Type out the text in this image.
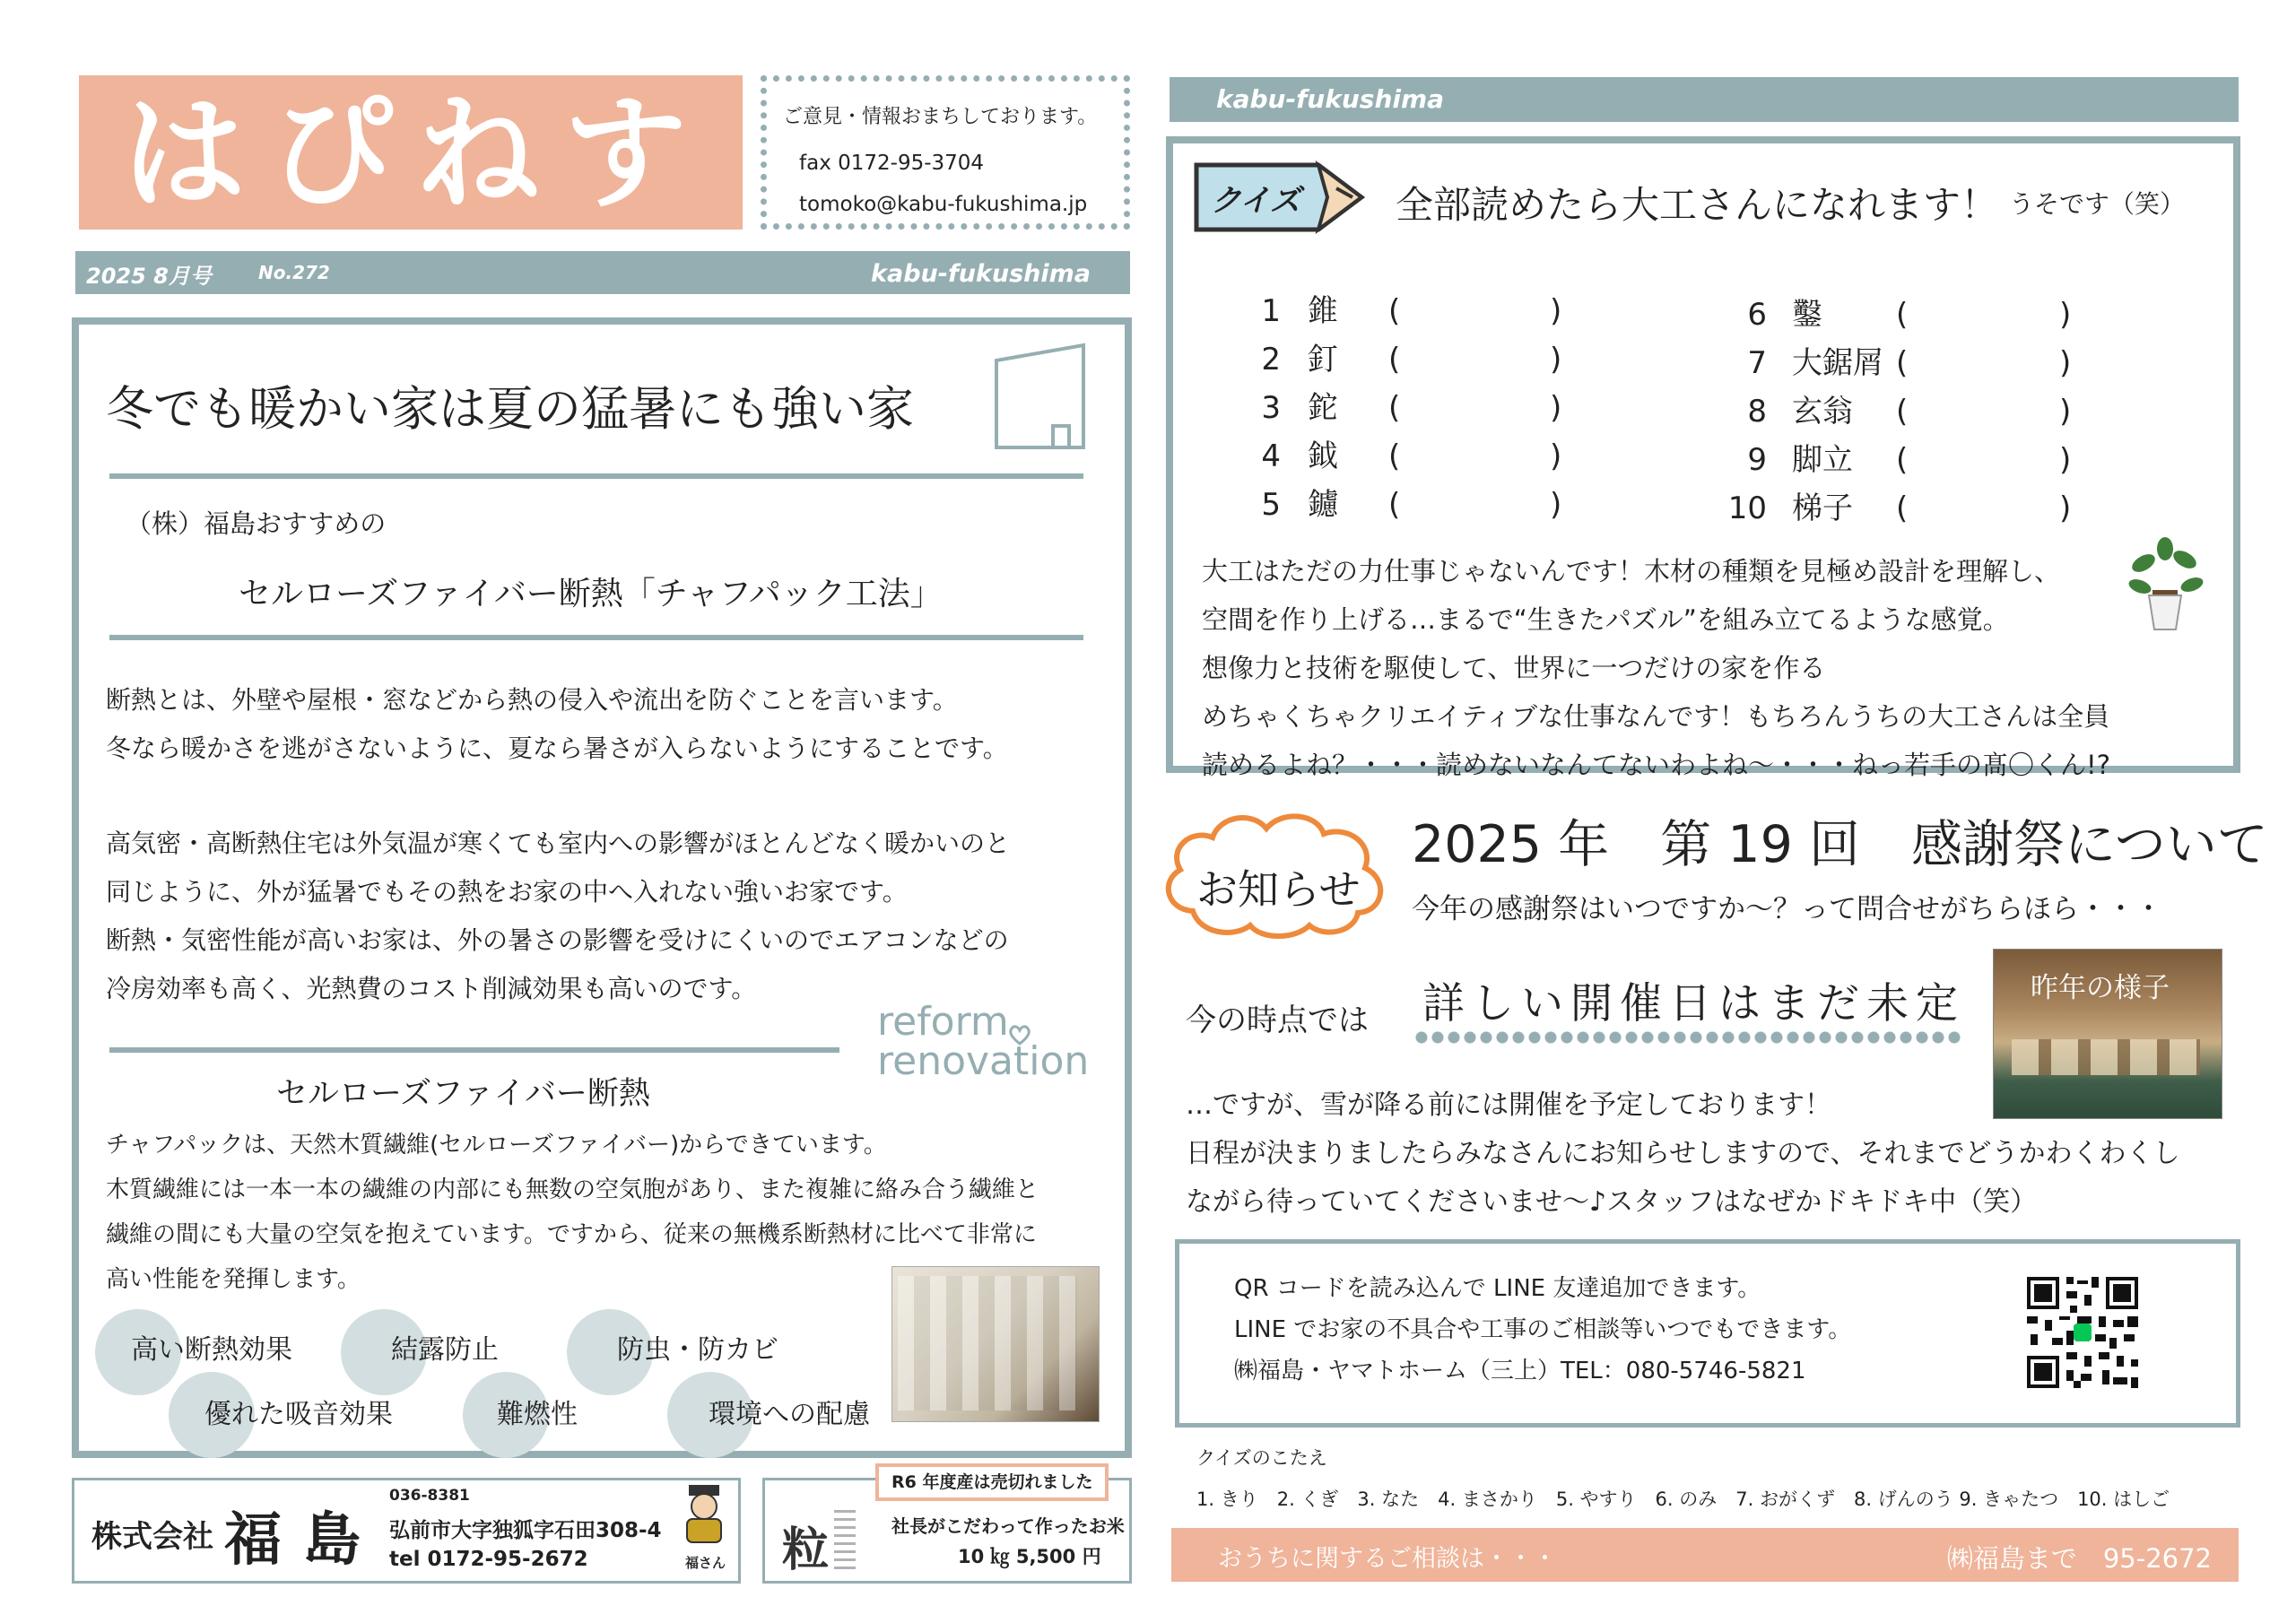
はぴねす	ご意見・情報おまちしております。
fax 0172-95-3704
tomoko@kabu-fukushima.jp
2025 8月号	No.272	kabu-fukushima
冬でも暖かい家は夏の猛暑にも強い家
（株）福島おすすめの
セルローズファイバー断熱「チャフパック工法」
断熱とは、外壁や屋根・窓などから熱の侵入や流出を防ぐことを言います。
冬なら暖かさを逃がさないように、夏なら暑さが入らないようにすることです。
高気密・高断熱住宅は外気温が寒くても室内への影響がほとんどなく暖かいのと
同じように、外が猛暑でもその熱をお家の中へ入れない強いお家です。
断熱・気密性能が高いお家は、外の暑さの影響を受けにくいのでエアコンなどの
冷房効率も高く、光熱費のコスト削減効果も高いのです。
reform
renovation
セルローズファイバー断熱
チャフパックは、天然木質繊維(セルローズファイバー)からできています。
木質繊維には一本一本の繊維の内部にも無数の空気胞があり、また複雑に絡み合う繊維と
繊維の間にも大量の空気を抱えています。ですから、従来の無機系断熱材に比べて非常に
高い性能を発揮します。
高い断熱効果	結露防止	防虫・防カビ
優れた吸音効果	難燃性	環境への配慮
株式会社 福島
036-8381
弘前市大字独狐字石田308-4
tel 0172-95-2672	福さん
R6 年度産は売切れました
粒	社長がこだわって作ったお米
10 ㎏ 5,500 円
kabu-fukushima
クイズ	全部読めたら大工さんになれます！ うそです（笑）
1 錐 (	)
2 釘 (	)
3 鉈 (	)
4 鉞 (	)
5 鑢 (	)
6 鑿 (	)
7 大鋸屑 (	)
8 玄翁 (	)
9 脚立 (	)
10 梯子 (	)
大工はただの力仕事じゃないんです！木材の種類を見極め設計を理解し、
空間を作り上げる…まるで“生きたパズル”を組み立てるような感覚。
想像力と技術を駆使して、世界に一つだけの家を作る
めちゃくちゃクリエイティブな仕事なんです！もちろんうちの大工さんは全員
読めるよね？・・・読めないなんてないわよね～・・・ねっ若手の髙〇くん!?
お知らせ
2025 年　第 19 回　感謝祭について
今年の感謝祭はいつですか～？って問合せがちらほら・・・
今の時点では 詳しい開催日はまだ未定 昨年の様子
…ですが、雪が降る前には開催を予定しております！
日程が決まりましたらみなさんにお知らせしますので、それまでどうかわくわくし
ながら待っていてくださいませ～♪スタッフはなぜかドキドキ中（笑）
QR コードを読み込んで LINE 友達追加できます。
LINE でお家の不具合や工事のご相談等いつでもできます。
㈱福島・ヤマトホーム（三上）TEL：080-5746-5821
クイズのこたえ
1. きり　2. くぎ　3. なた　4. まさかり　5. やすり　6. のみ　7. おがくず　8. げんのう 9. きゃたつ　10. はしご
おうちに関するご相談は・・・	㈱福島まで　95-2672
